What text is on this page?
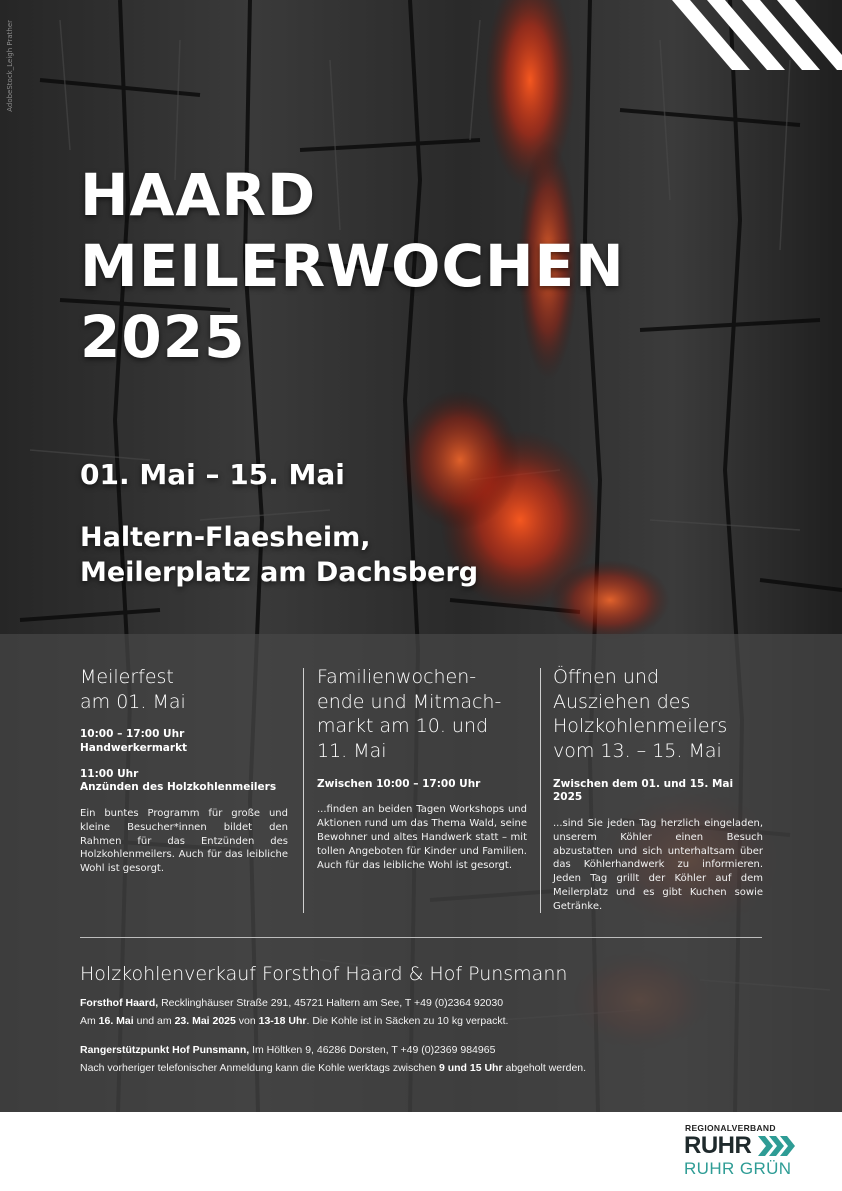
AdobeStock_Leigh Prather
HAARD
MEILERWOCHEN
2025
01. Mai – 15. Mai
Haltern-Flaesheim,
Meilerplatz am Dachsberg
Meilerfest
am 01. Mai
10:00 – 17:00 Uhr
Handwerkermarkt
11:00 Uhr
Anzünden des Holzkohlenmeilers

Ein buntes Programm für große und kleine Besucher*innen bildet den Rahmen für das Entzünden des Holzkohlenmeilers. Auch für das leibliche Wohl ist gesorgt.

Familienwochen-
ende und Mitmach-
markt am 10. und
11. Mai
Zwischen 10:00 – 17:00 Uhr

...finden an beiden Tagen Workshops und Aktionen rund um das Thema Wald, seine Bewohner und altes Handwerk statt – mit tollen Angeboten für Kinder und Familien. Auch für das leibliche Wohl ist gesorgt.

Öffnen und
Ausziehen des
Holzkohlenmeilers
vom 13. – 15. Mai
Zwischen dem 01. und 15. Mai 2025

...sind Sie jeden Tag herzlich eingeladen, unserem Köhler einen Besuch abzustatten und sich unterhaltsam über das Köhlerhandwerk zu informieren. Jeden Tag grillt der Köhler auf dem Meilerplatz und es gibt Kuchen sowie Getränke.

Holzkohlenverkauf Forsthof Haard & Hof Punsmann
Forsthof Haard, Recklinghäuser Straße 291, 45721 Haltern am See, T +49 (0)2364 92030
Am 16. Mai und am 23. Mai 2025 von 13-18 Uhr. Die Kohle ist in Säcken zu 10 kg verpackt.
Rangerstützpunkt Hof Punsmann, Im Höltken 9, 46286 Dorsten, T +49 (0)2369 984965
Nach vorheriger telefonischer Anmeldung kann die Kohle werktags zwischen 9 und 15 Uhr abgeholt werden.
REGIONALVERBAND
RUHR
RUHR GRÜN
